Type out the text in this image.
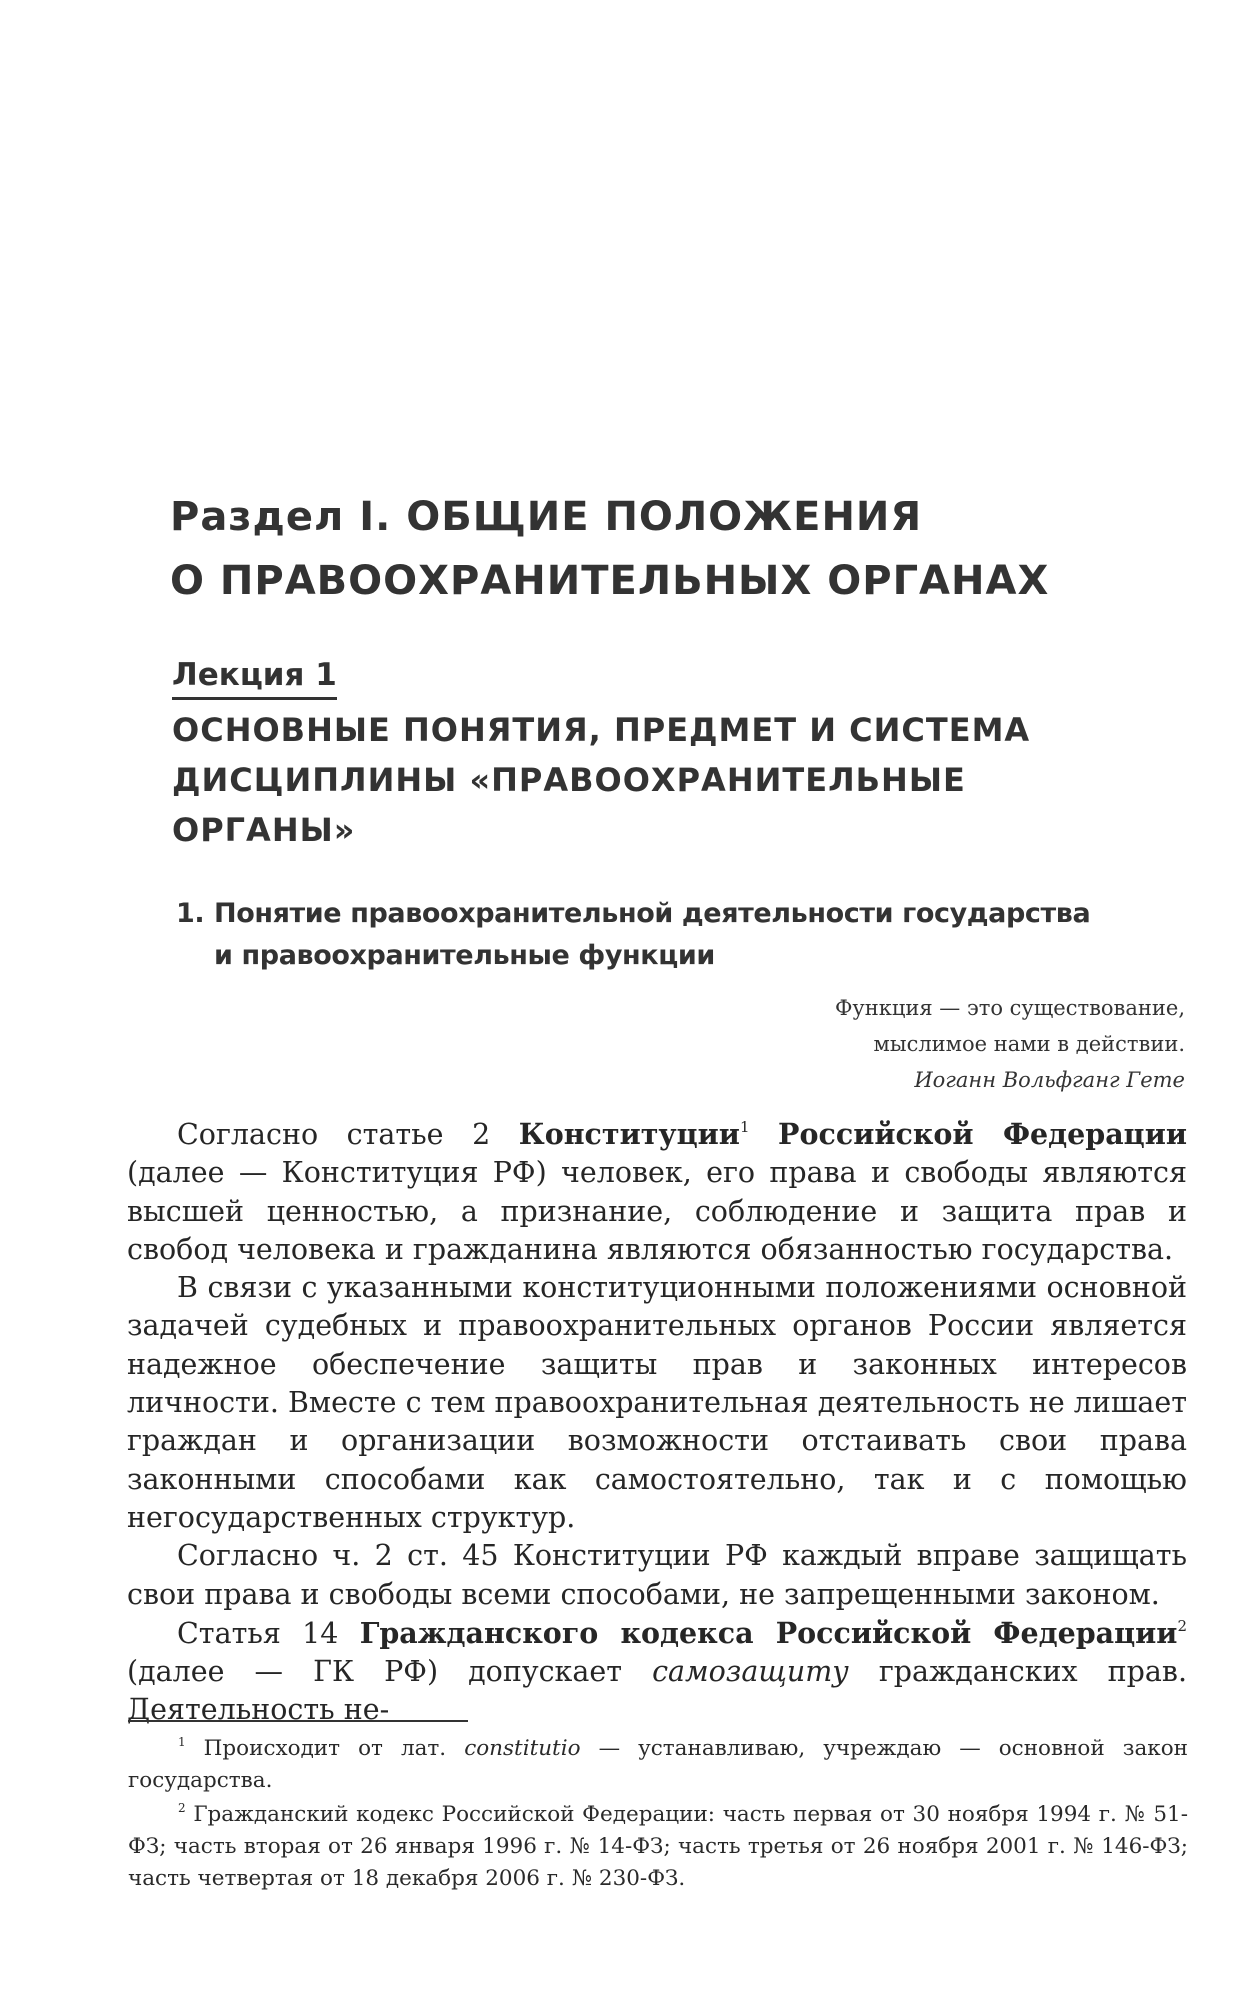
Раздел I. ОБЩИЕ ПОЛОЖЕНИЯ
О ПРАВООХРАНИТЕЛЬНЫХ ОРГАНАХ
Лекция 1
ОСНОВНЫЕ ПОНЯТИЯ, ПРЕДМЕТ И СИСТЕМА
ДИСЦИПЛИНЫ «ПРАВООХРАНИТЕЛЬНЫЕ
ОРГАНЫ»
1. Понятие правоохранительной деятельности государства
и правоохранительные функции
Функция — это существование,
мыслимое нами в действии.
Иоганн Вольфганг Гете

Согласно статье 2 Конституции$^1$ Российской Федерации (далее — Конституция РФ) человек, его права и свободы являются высшей ценностью, а признание, соблюдение и защита прав и свобод человека и гражданина являются обязанностью государства.

В связи с указанными конституционными положениями основной задачей судебных и правоохранительных органов России является надежное обеспечение защиты прав и законных интересов личности. Вместе с тем правоохранительная деятельность не лишает граждан и организации возможности отстаивать свои права законными способами как самостоятельно, так и с помощью негосударственных структур.

Согласно ч. 2 ст. 45 Конституции РФ каждый вправе защищать свои права и свободы всеми способами, не запрещенными законом.

Статья 14 Гражданского кодекса Российской Федерации$^2$ (далее — ГК РФ) допускает самозащиту гражданских прав. Деятельность не-

$^1$ Происходит от лат. constitutio — устанавливаю, учреждаю — основной закон государства.

$^2$ Гражданский кодекс Российской Федерации: часть первая от 30 ноября 1994 г. № 51-ФЗ; часть вторая от 26 января 1996 г. № 14-ФЗ; часть третья от 26 ноября 2001 г. № 146-ФЗ; часть четвертая от 18 декабря 2006 г. № 230-ФЗ.
